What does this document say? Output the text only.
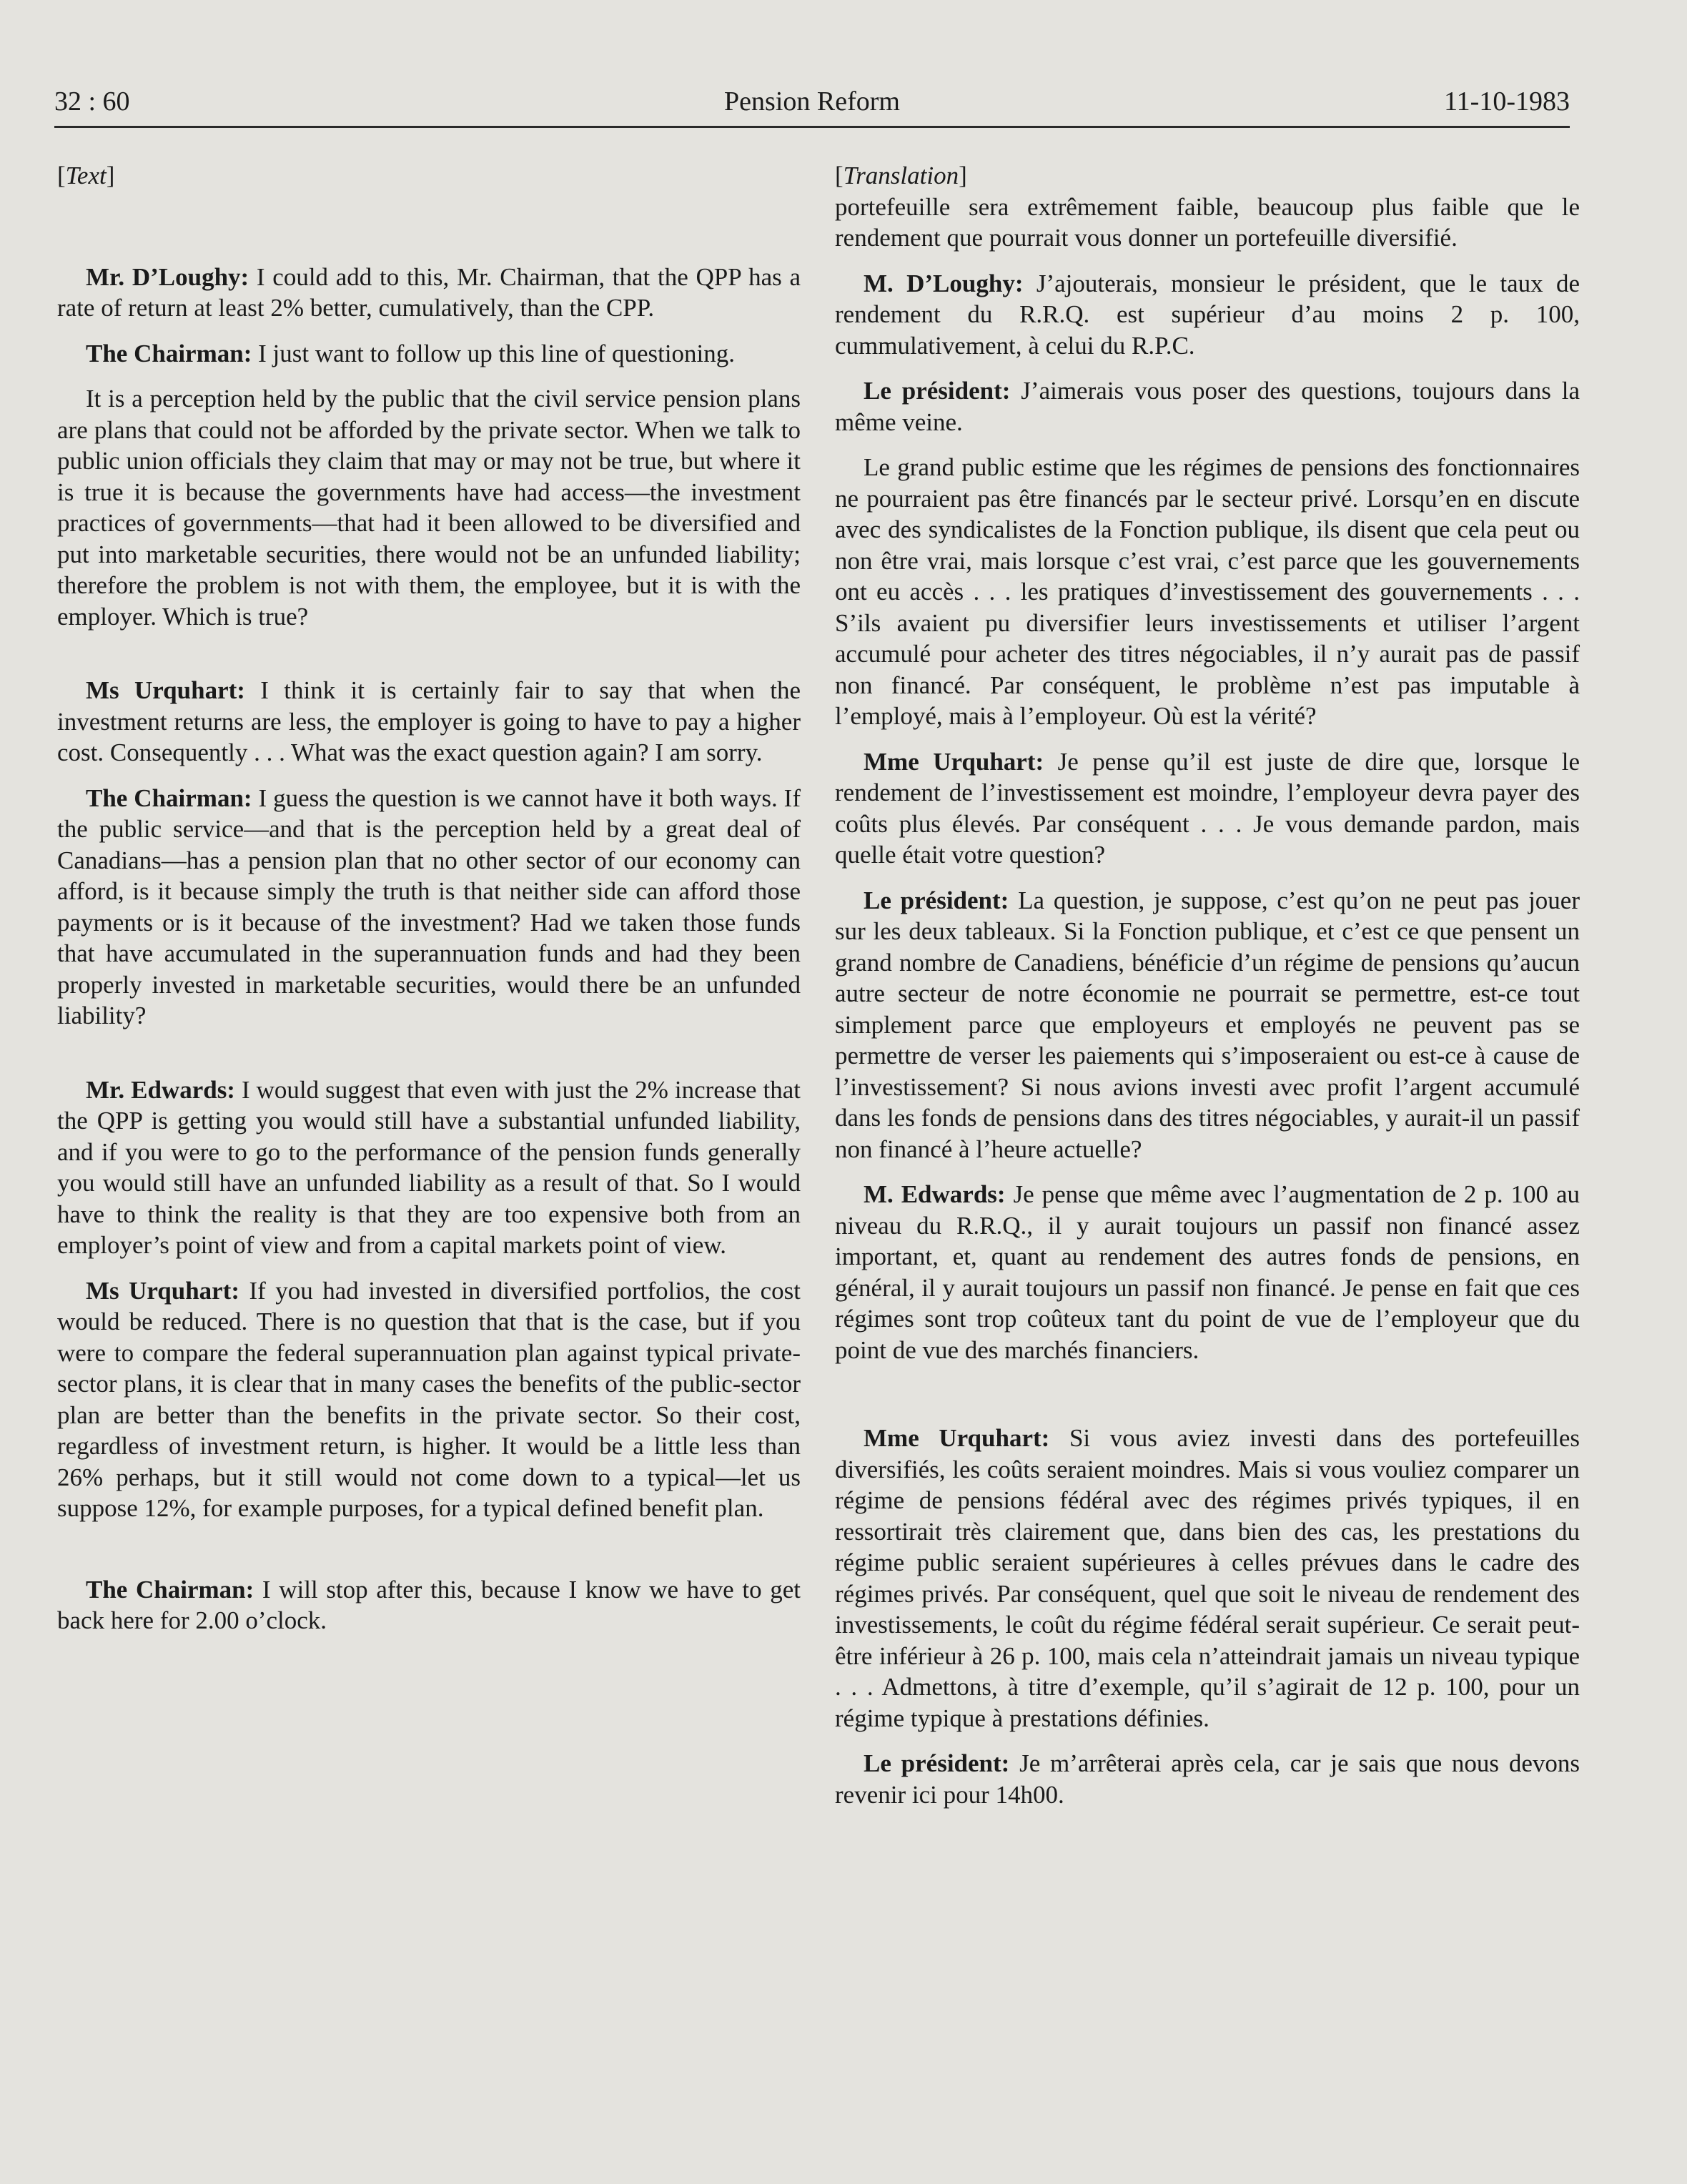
32 : 60	Pension Reform	11-10-1983

[Text]

Mr. D’Loughy: I could add to this, Mr. Chairman, that the QPP has a rate of return at least 2% better, cumulatively, than the CPP.

The Chairman: I just want to follow up this line of questioning.

It is a perception held by the public that the civil service pension plans are plans that could not be afforded by the private sector. When we talk to public union officials they claim that may or may not be true, but where it is true it is because the governments have had access—the investment practices of governments—that had it been allowed to be diversified and put into marketable securities, there would not be an unfunded liability; therefore the problem is not with them, the employee, but it is with the employer. Which is true?

Ms Urquhart: I think it is certainly fair to say that when the investment returns are less, the employer is going to have to pay a higher cost. Consequently . . . What was the exact question again? I am sorry.

The Chairman: I guess the question is we cannot have it both ways. If the public service—and that is the perception held by a great deal of Canadians—has a pension plan that no other sector of our economy can afford, is it because simply the truth is that neither side can afford those payments or is it because of the investment? Had we taken those funds that have accumulated in the superannuation funds and had they been properly invested in marketable securities, would there be an unfunded liability?

Mr. Edwards: I would suggest that even with just the 2% increase that the QPP is getting you would still have a substantial unfunded liability, and if you were to go to the performance of the pension funds generally you would still have an unfunded liability as a result of that. So I would have to think the reality is that they are too expensive both from an employer’s point of view and from a capital markets point of view.

Ms Urquhart: If you had invested in diversified portfolios, the cost would be reduced. There is no question that that is the case, but if you were to compare the federal superannuation plan against typical private-sector plans, it is clear that in many cases the benefits of the public-sector plan are better than the benefits in the private sector. So their cost, regardless of investment return, is higher. It would be a little less than 26% perhaps, but it still would not come down to a typical—let us suppose 12%, for example purposes, for a typical defined benefit plan.

The Chairman: I will stop after this, because I know we have to get back here for 2.00 o’clock.

[Translation]

portefeuille sera extrêmement faible, beaucoup plus faible que le rendement que pourrait vous donner un portefeuille diversifié.

M. D’Loughy: J’ajouterais, monsieur le président, que le taux de rendement du R.R.Q. est supérieur d’au moins 2 p. 100, cummulativement, à celui du R.P.C.

Le président: J’aimerais vous poser des questions, toujours dans la même veine.

Le grand public estime que les régimes de pensions des fonctionnaires ne pourraient pas être financés par le secteur privé. Lorsqu’en en discute avec des syndicalistes de la Fonction publique, ils disent que cela peut ou non être vrai, mais lorsque c’est vrai, c’est parce que les gouvernements ont eu accès . . . les pratiques d’investissement des gouvernements . . . S’ils avaient pu diversifier leurs investissements et utiliser l’argent accumulé pour acheter des titres négociables, il n’y aurait pas de passif non financé. Par conséquent, le problème n’est pas imputable à l’employé, mais à l’employeur. Où est la vérité?

Mme Urquhart: Je pense qu’il est juste de dire que, lorsque le rendement de l’investissement est moindre, l’employeur devra payer des coûts plus élevés. Par conséquent . . . Je vous demande pardon, mais quelle était votre question?

Le président: La question, je suppose, c’est qu’on ne peut pas jouer sur les deux tableaux. Si la Fonction publique, et c’est ce que pensent un grand nombre de Canadiens, bénéficie d’un régime de pensions qu’aucun autre secteur de notre économie ne pourrait se permettre, est-ce tout simplement parce que employeurs et employés ne peuvent pas se permettre de verser les paiements qui s’imposeraient ou est-ce à cause de l’investissement? Si nous avions investi avec profit l’argent accumulé dans les fonds de pensions dans des titres négociables, y aurait-il un passif non financé à l’heure actuelle?

M. Edwards: Je pense que même avec l’augmentation de 2 p. 100 au niveau du R.R.Q., il y aurait toujours un passif non financé assez important, et, quant au rendement des autres fonds de pensions, en général, il y aurait toujours un passif non financé. Je pense en fait que ces régimes sont trop coûteux tant du point de vue de l’employeur que du point de vue des marchés financiers.

Mme Urquhart: Si vous aviez investi dans des portefeuilles diversifiés, les coûts seraient moindres. Mais si vous vouliez comparer un régime de pensions fédéral avec des régimes privés typiques, il en ressortirait très clairement que, dans bien des cas, les prestations du régime public seraient supérieures à celles prévues dans le cadre des régimes privés. Par conséquent, quel que soit le niveau de rendement des investissements, le coût du régime fédéral serait supérieur. Ce serait peut-être inférieur à 26 p. 100, mais cela n’atteindrait jamais un niveau typique . . . Admettons, à titre d’exemple, qu’il s’agirait de 12 p. 100, pour un régime typique à prestations définies.

Le président: Je m’arrêterai après cela, car je sais que nous devons revenir ici pour 14h00.
